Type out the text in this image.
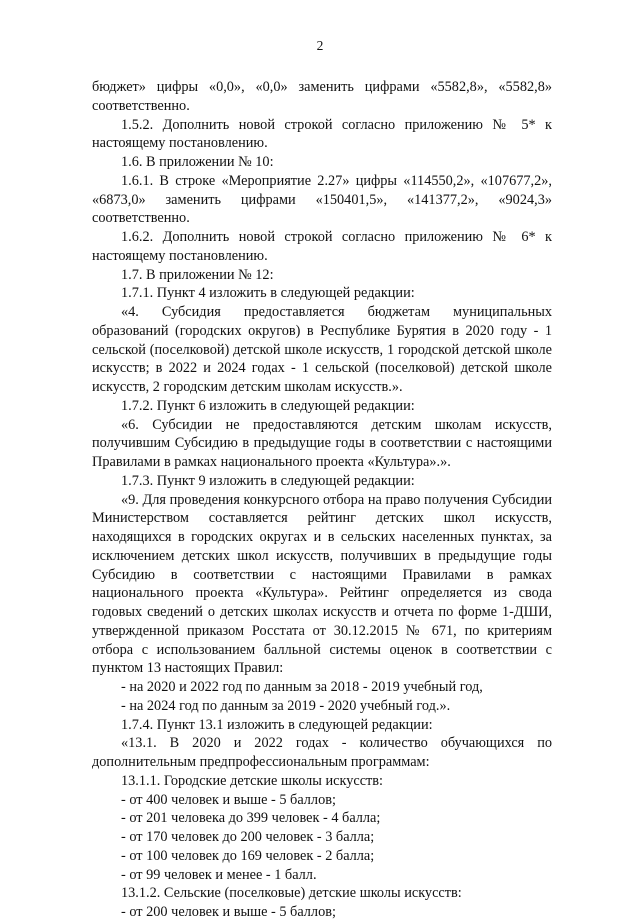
2

бюджет» цифры «0,0», «0,0» заменить цифрами «5582,8», «5582,8» соответственно.

1.5.2. Дополнить новой строкой согласно приложению № 5* к настоящему постановлению.

1.6. В приложении № 10:

1.6.1. В строке «Мероприятие 2.27» цифры «114550,2», «107677,2», «6873,0» заменить цифрами «150401,5», «141377,2», «9024,3» соответственно.

1.6.2. Дополнить новой строкой согласно приложению № 6* к настоящему постановлению.

1.7. В приложении № 12:

1.7.1. Пункт 4 изложить в следующей редакции:

«4. Субсидия предоставляется бюджетам муниципальных образований (городских округов) в Республике Бурятия в 2020 году - 1 сельской (поселковой) детской школе искусств, 1 городской детской школе искусств; в 2022 и 2024 годах - 1 сельской (поселковой) детской школе искусств, 2 городским детским школам искусств.».

1.7.2. Пункт 6 изложить в следующей редакции:

«6. Субсидии не предоставляются детским школам искусств, получившим Субсидию в предыдущие годы в соответствии с настоящими Правилами в рамках национального проекта «Культура».».

1.7.3. Пункт 9 изложить в следующей редакции:

«9. Для проведения конкурсного отбора на право получения Субсидии Министерством составляется рейтинг детских школ искусств, находящихся в городских округах и в сельских населенных пунктах, за исключением детских школ искусств, получивших в предыдущие годы Субсидию в соответствии с настоящими Правилами в рамках национального проекта «Культура». Рейтинг определяется из свода годовых сведений о детских школах искусств и отчета по форме 1-ДШИ, утвержденной приказом Росстата от 30.12.2015 № 671, по критериям отбора с использованием балльной системы оценок в соответствии с пунктом 13 настоящих Правил:

- на 2020 и 2022 год по данным за 2018 - 2019 учебный год,

- на 2024 год по данным за 2019 - 2020 учебный год.».

1.7.4. Пункт 13.1 изложить в следующей редакции:

«13.1. В 2020 и 2022 годах - количество обучающихся по дополнительным предпрофессиональным программам:

13.1.1. Городские детские школы искусств:

- от 400 человек и выше - 5 баллов;

- от 201 человека до 399 человек - 4 балла;

- от 170 человек до 200 человек - 3 балла;

- от 100 человек до 169 человек - 2 балла;

- от 99 человек и менее - 1 балл.

13.1.2. Сельские (поселковые) детские школы искусств:

- от 200 человек и выше - 5 баллов;
